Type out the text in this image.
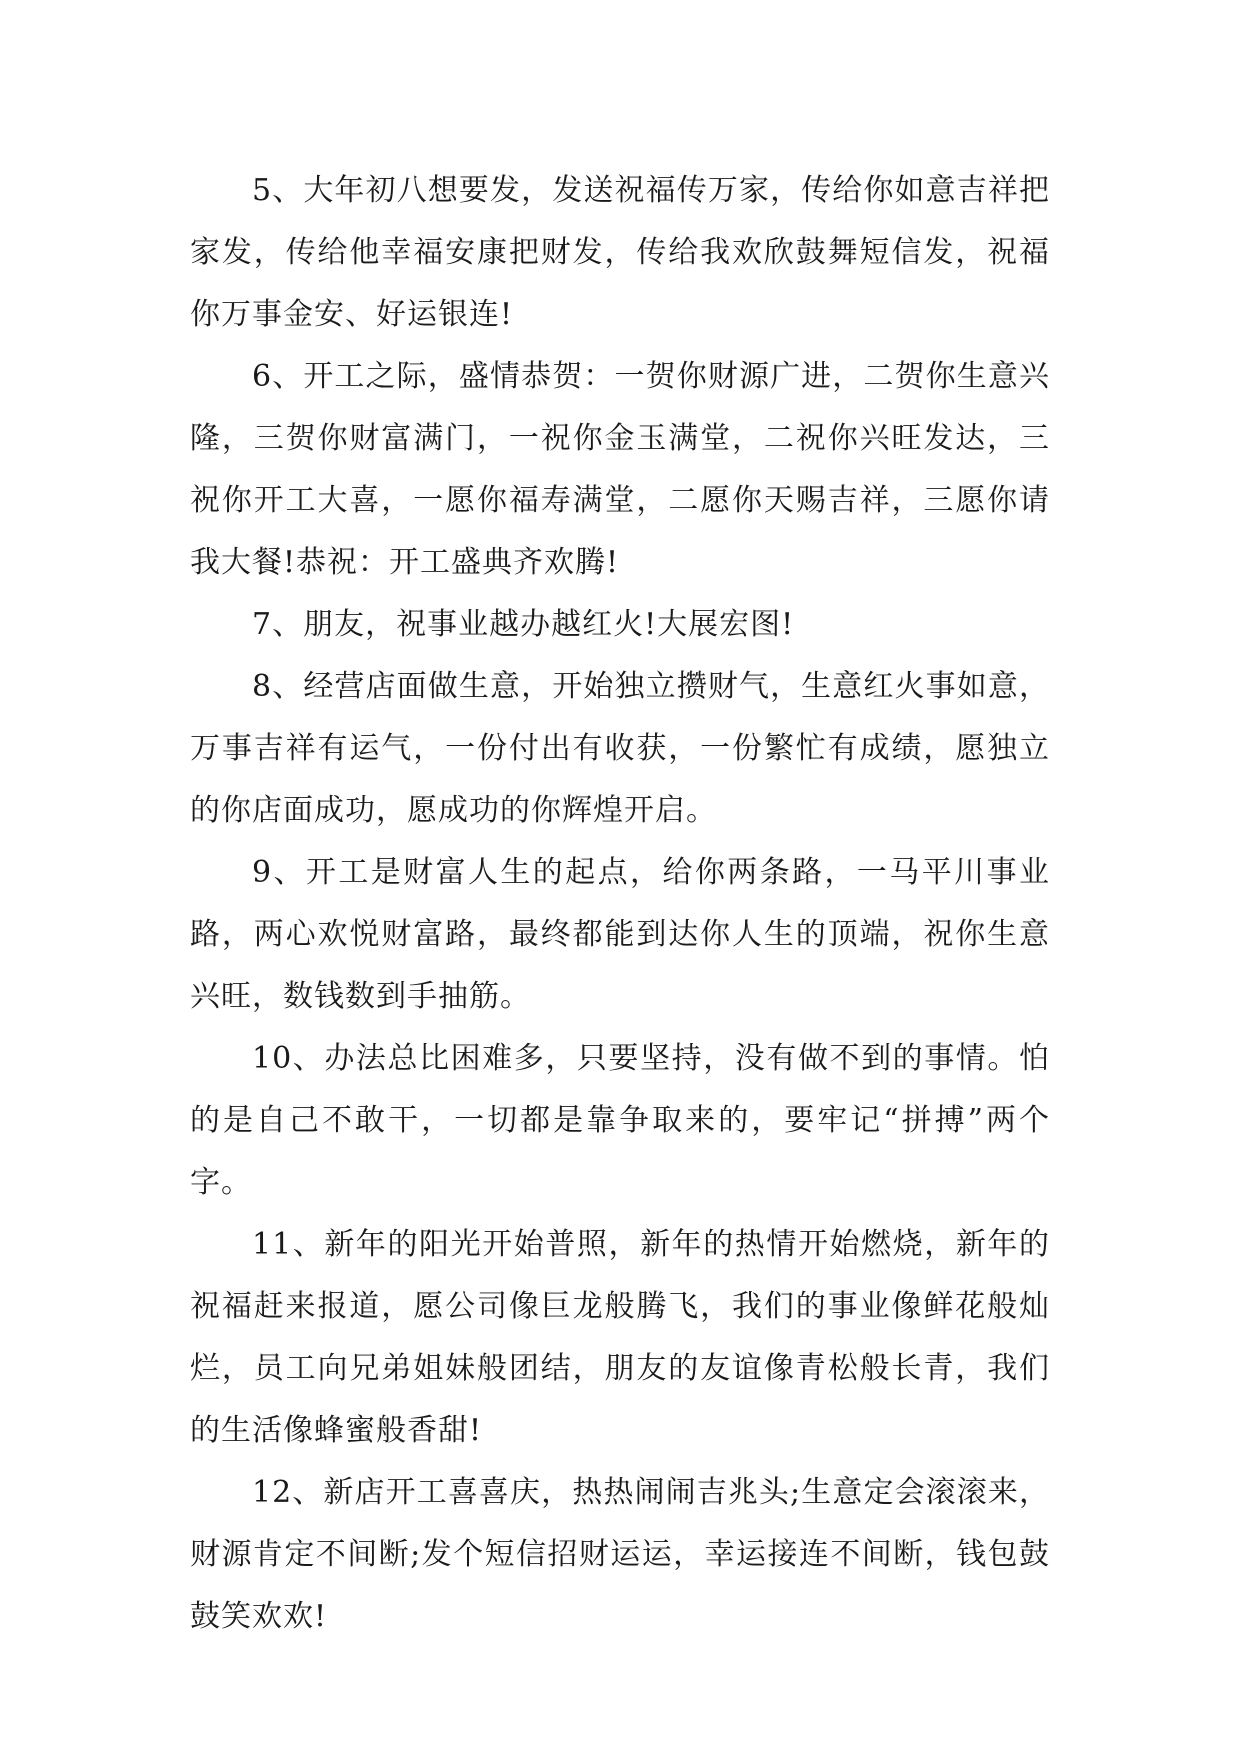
5、大年初八想要发，发送祝福传万家，传给你如意吉祥把家发，传给他幸福安康把财发，传给我欢欣鼓舞短信发，祝福你万事金安、好运银连!

6、开工之际，盛情恭贺：一贺你财源广进，二贺你生意兴隆，三贺你财富满门，一祝你金玉满堂，二祝你兴旺发达，三祝你开工大喜，一愿你福寿满堂，二愿你天赐吉祥，三愿你请我大餐!恭祝：开工盛典齐欢腾!

7、朋友，祝事业越办越红火!大展宏图!

8、经营店面做生意，开始独立攒财气，生意红火事如意，万事吉祥有运气，一份付出有收获，一份繁忙有成绩，愿独立的你店面成功，愿成功的你辉煌开启。

9、开工是财富人生的起点，给你两条路，一马平川事业路，两心欢悦财富路，最终都能到达你人生的顶端，祝你生意兴旺，数钱数到手抽筋。

10、办法总比困难多，只要坚持，没有做不到的事情。怕的是自己不敢干，一切都是靠争取来的，要牢记“拼搏”两个字。

11、新年的阳光开始普照，新年的热情开始燃烧，新年的祝福赶来报道，愿公司像巨龙般腾飞，我们的事业像鲜花般灿烂，员工向兄弟姐妹般团结，朋友的友谊像青松般长青，我们的生活像蜂蜜般香甜!

12、新店开工喜喜庆，热热闹闹吉兆头;生意定会滚滚来，财源肯定不间断;发个短信招财运运，幸运接连不间断，钱包鼓鼓笑欢欢!
